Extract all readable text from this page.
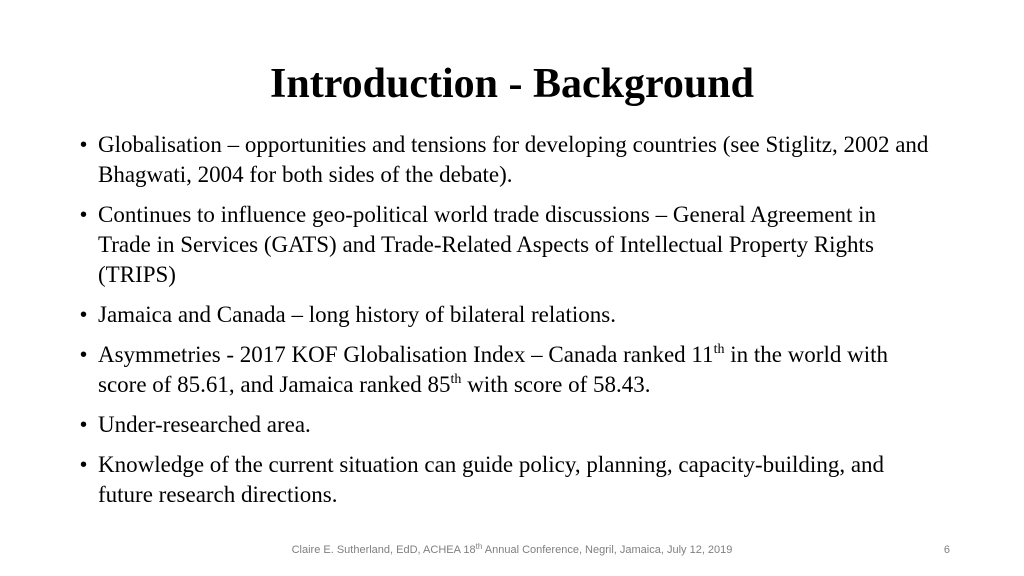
Introduction - Background
• Globalisation – opportunities and tensions for developing countries (see Stiglitz, 2002 and Bhagwati, 2004 for both sides of the debate).
• Continues to influence geo-political world trade discussions – General Agreement in Trade in Services (GATS) and Trade-Related Aspects of Intellectual Property Rights (TRIPS)
• Jamaica and Canada – long history of bilateral relations.
• Asymmetries - 2017 KOF Globalisation Index – Canada ranked 11th in the world with score of 85.61, and Jamaica ranked 85th with score of 58.43.
• Under-researched area.
• Knowledge of the current situation can guide policy, planning, capacity-building, and future research directions.
Claire E. Sutherland, EdD, ACHEA 18th Annual Conference, Negril, Jamaica, July 12, 2019	6
